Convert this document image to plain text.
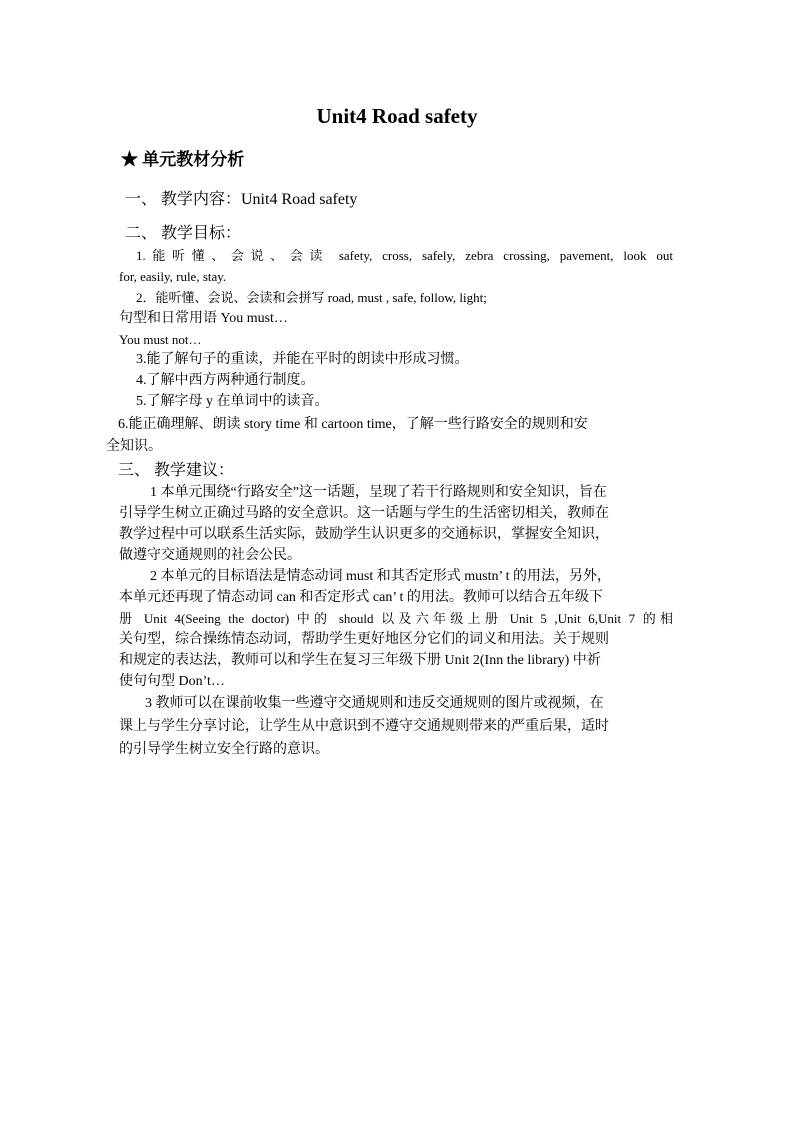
Unit4 Road safety
★ 单元教材分析
一、 教学内容：Unit4 Road safety
二、 教学目标：
1.能听懂、会说、会读 safety, cross, safely, zebra crossing, pavement, look out
for, easily, rule, stay.
2．能听懂、会说、会读和会拼写 road, must , safe, follow, light;
句型和日常用语 You must…
You must not…
3.能了解句子的重读，并能在平时的朗读中形成习惯。
4.了解中西方两种通行制度。
5.了解字母 y 在单词中的读音。
6.能正确理解、朗读 story time 和 cartoon time，了解一些行路安全的规则和安
全知识。
三、 教学建议：
1 本单元围绕“行路安全”这一话题，呈现了若干行路规则和安全知识，旨在
引导学生树立正确过马路的安全意识。这一话题与学生的生活密切相关，教师在
教学过程中可以联系生活实际，鼓励学生认识更多的交通标识，掌握安全知识，
做遵守交通规则的社会公民。
2 本单元的目标语法是情态动词 must 和其否定形式 mustn’ t 的用法，另外，
本单元还再现了情态动词 can 和否定形式 can’ t 的用法。教师可以结合五年级下
册 Unit 4(Seeing the doctor) 中的 should 以及六年级上册 Unit 5 ,Unit 6,Unit 7 的相
关句型，综合操练情态动词，帮助学生更好地区分它们的词义和用法。关于规则
和规定的表达法，教师可以和学生在复习三年级下册 Unit 2(Inn the library) 中祈
使句句型 Don’t…
3 教师可以在课前收集一些遵守交通规则和违反交通规则的图片或视频，在
课上与学生分享讨论，让学生从中意识到不遵守交通规则带来的严重后果，适时
的引导学生树立安全行路的意识。
